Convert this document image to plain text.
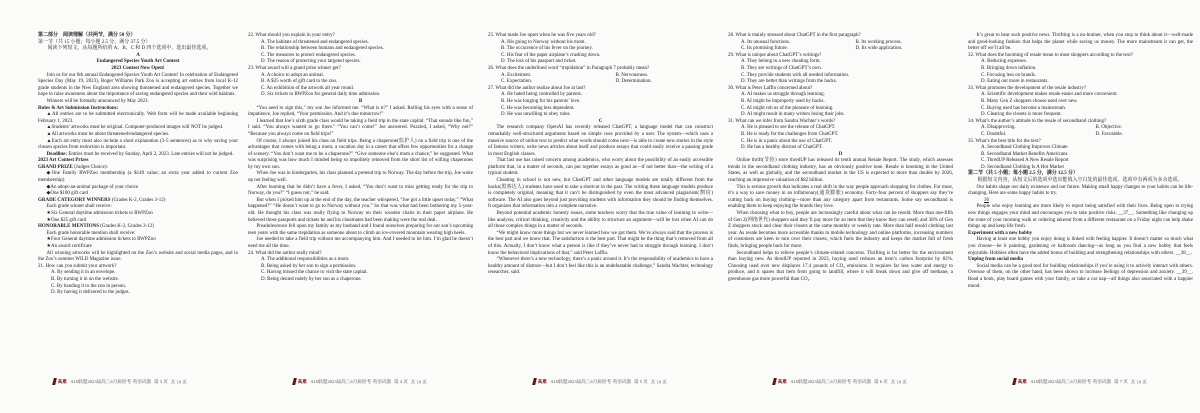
第二部分　阅读理解（共两节，满分 50 分）
第一节（共 15 小题；每小题 2.5 分，满分 37.5 分）
阅读下列短文，从每题所给的 A、B、C 和 D 四个选项中，选出最佳选项。
A
Endangered Species Youth Art Contest
2023 Contest Now Open!
Join us for our 6th annual Endangered Species Youth Art Contest! In celebration of Endangered Species Day (May 19, 2023), Roger Williams Park Zoo is accepting art entries from local K-12 grade students in the New England area showing threatened and endangered species. Together we hope to raise awareness about the importance of saving endangered species and their wild habitats.
Winners will be formally announced by May 2023.
Rules & Art Submission Instructions:
▲All entries are to be submitted electronically. Web form will be made available beginning February 1, 2023.
▲Students’ artworks must be original. Computer-produced images will NOT be judged.
▲All artworks must be about threatened/endangered species.
▲Each art entry must also include a short explanation (3-5 sentences) as to why saving your chosen species from extinction is important.
Deadline: Entries must be received by Sunday, April 2, 2023. Late entries will not be judged.
2023 Art Contest Prizes
GRAND PRIZE (Judges Choice):
◆One Family RWPZoo membership (a $149 value; an extra year added to current Zoo membership)
◆An adopt-an-animal package of your choice
◆One $100 gift card
GRADE CATEGORY WINNERS (Grades K-2, Grades 3-12)
Each grade winner shall receive:
★Six General daytime admission tickets to RWPZoo
★One $25 gift card
HONORABLE MENTIONS (Grades K-2, Grades 3-12)
Each grade honorable mention shall receive:
★Four General daytime admission tickets to RWPZoo
★An award certificate
All winning artworks will be highlighted on the Zoo’s website and social media pages, and in the Zoo’s summer WILD Magazine issue.
21. How can you submit your artwork?
A. By sending it in an envelope.
B. By turning it in on the website.
C. By handing it to the zoo in person.
D. By having it delivered to the judges.
高惠 ·A10联盟2023届高三4月质检考·英语试题 第 3 页 共 10 页
22. What should you explain in your entry?
A. The habitats of threatened and endangered species.
B. The relationship between humans and endangered species.
C. The measures to protect endangered species.
D. The reason of protecting your targeted species.
23. What award will a grand prize winner get?
A. A choice to adopt an animal.
B. A $25 worth of gift card to the zoo.
C. An exhibition of the artwork all year round.
D. Six tickets to RWPZoo for general daily time admission.
B
“You need to sign this,” my son Joe informed me. “What is it?” I asked. Rolling his eyes with a sense of impatience, Joe replied, “Your permission. And it’s due tomorrow!”
I learned that Joe’s sixth grade class would be taking a field trip to the state capital. “That sounds like fun,” I said. “You always wanted to go there.” “You can’t come!” Joe answered. Puzzled, I asked, “Why not?” “Because you always come on field trips!”
Of course, I always joined his class on field trips. Being a chaperone(监护人) on a field trip is one of the advantages that comes with being a mom, a vacation day in a career that offers few opportunities for a change of scenery. “You don’t want me to be a chaperone?” “Give someone else’s mom a chance,” he suggested. What was surprising was how much I minded being so impolitely removed from the short list of willing chaperones by my own son.
When Joe was in kindergarten, his class planned a pretend trip to Norway. The day before the trip, Joe woke up not feeling well.
After learning that he didn’t have a fever, I asked, “You don’t want to miss getting ready for the trip to Norway, do you?” “I guess not,” he said.
But when I picked him up at the end of the day, the teacher whispered, “Joe got a little upset today.” “What happened?” “He doesn’t want to go to Norway without you.” So that was what had been bothering my 5-year-old. He thought his class was really flying to Norway on their wooden chairs in their paper airplane. He believed those passports and tickets he and his classmates had been making were the real deal.
Preadolescence fell upon my family as my husband and I found ourselves preparing for our son’s upcoming teen years with the same trepidation as someone about to climb an ice-covered mountain wearing high heels.
Joe needed to take a field trip without me accompanying him. And I needed to let him. I’m glad he doesn’t need me all the time.
24. What did the author really mind?
A. The additional responsibilities as a mom.
B. Being asked by her son to sign a permission.
C. Having missed the chance to visit the state capital.
D. Being denied rudely by her son as a chaperone.
高惠 ·A10联盟2023届高三4月质检考·英语试题 第 4 页 共 10 页
25. What made Joe upset when he was five years old?
A. His going to Norway without his mom.
B. The occurrence of his fever on the journey.
C. His fear of the paper airplane’s crashing down.
D. The loss of his passport and ticket.
26. What does the underlined word “trepidation” in Paragraph 7 probably mean?
A. Excitement.	B. Nervousness.
C. Expectation.	D. Determination.
27. What did the author realize about Joe at last?
A. He hated being controlled by parents.
B. He was longing for his parents’ love.
C. He was becoming less dependent.
D. He was unwilling to obey rules.
C
The research company OpenAI has recently released ChatGPT, a language model that can construct remarkably well-structured arguments based on simple cues provided by a user. The system—which uses a massive source of online text to predict what words should come next—is able to create new stories in the style of famous writers, write news articles about itself and produce essays that could easily receive a passing grade in most English classes.
That last use has raised concern among academics, who worry about the possibility of an easily accessible platform that, in a matter of seconds, can put together essays as good as—if not better than—the writing of a typical student.
Cheating in school is not new, but ChatGPT and other language models are totally different from the hacks(黑客达人) students have used to take a shortcut in the past. The writing these language models produce is completely original, meaning that it can’t be distinguished by even the most advanced plagiarism(剽窃) software. The AI also goes beyond just providing students with information they should be finding themselves. It organizes that information into a complete narrative.
Beyond potential academic honesty issues, some teachers worry that the true value of learning to write—like analysis, critical thinking, creativity and the ability to structure an argument—will be lost when AI can do all those complex things in a matter of seconds.
“We might know more things but we never learned how we got them. We’re always said that the process is the best part and we know that. The satisfaction is the best part. That might be the thing that’s removed from all of this. Actually, I don’t know what a person is like if they’ve never had to struggle through learning. I don’t know the behavioral implications of that,” said Peter Laffin.
“Whenever there’s a new technology, there’s a panic around it. It’s the responsibility of academics to have a healthy amount of distrust—but I don’t feel like this is an undefeatable challenge,” Sandra Wachter, technology researcher, said.
高惠 ·A10联盟2023届高三4月质检考·英语试题 第 5 页 共 10 页
28. What is mainly stressed about ChatGPT in the first paragraph?
A. Its unusual functions.	B. Its working process.
C. Its promising future.	D. Its wide application.
29. What is unique about ChatGPT’s writings?
A. They belong to a new cheating form.
B. They are writings of ChatGPT’s own.
C. They provide students with all needed information.
D. They are better than writings from the hacks.
30. What is Peter Laffin concerned about?
A. AI makes us struggle through learning.
B. AI might be improperly used by hacks.
C. AI might rob us of the pleasure of learning.
D. AI might result in many writers losing their jobs.
31. What can we infer from Sandra Wachter’s words?
A. He is pleased to see the release of ChatGPT.
B. He is ready for the challenges from ChatGPT.
C. He is in a panic about the use of ChatGPT.
D. He has a healthy distrust of ChatGPT.
D
Online thrift(节俭) store thredUP has released its tenth annual Resale Report. The study, which assesses trends in the secondhand clothing industry, has an obviously positive tone. Resale is booming in the United States, as well as globally, and the secondhand market in the US is expected to more than double by 2026, reaching an impressive valuation of $82 billion.
This is serious growth that indicates a real shift in the way people approach shopping for clothes. For most, it’s a way to save money in an inflationary(通货膨胀) economy. Forty-four percent of shoppers say they’re cutting back on buying clothing—more than any category apart from restaurants. Some say secondhand is enabling them to keep enjoying the brands they love.
When choosing what to buy, people are increasingly careful about what can be resold. More than one-fifth of Gen Z(网络世代) shoppers said they’ll pay more for an item that they know they can resell, and 38% of Gen Z shoppers stock and clear their closets at the same monthly or weekly rate. More than half resold clothing last year. As resale becomes more accessible thanks to mobile technology and online platforms, increasing numbers of customers are keen to turn over their closets, which fuels the industry and keeps the market full of fresh finds, bringing people back for more.
Secondhand helps to relieve people’s climate-related concerns. Thrifting is far better for the environment than buying new. As thredUP reported in 2023, buying used reduces an item’s carbon footprint by 82%. Choosing used over new displaces 17.4 pounds of CO₂ emissions. It requires far less water and energy to produce, and it spares that item from going to landfill, where it will break down and give off methane, a greenhouse gas more powerful than CO₂.
高惠 ·A10联盟2023届高三4月质检考·英语试题 第 6 页 共 10 页
It’s great to hear such positive news. Thrifting is a no-brainer, when you stop to think about it—well-made and good-looking fashion that helps the planet while saving us money. The more mainstream it can get, the better off we’ll all be.
32. What does the booming of resale mean to most shoppers according to the text?
A. Reducing expenses.
B. Bringing down inflation.
C. Focusing less on brands.
D. Eating out more in restaurants.
33. What promotes the development of the resale industry?
A. Scientific development makes resale easier and more convenient.
B. Many Gen Z shoppers choose used over new.
C. Buying used has become a mainstream.
D. Clearing the closets is more frequent.
34. What’s the author’s attitude to the resale of secondhand clothing?
A. Disapproving.	B. Objective.
C. Doubtful.	D. Favorable.
35. What’s the best title for the text?
A. Secondhand Clothing Improves Climate
B. Secondhand Market Benefits Americans
C. ThredUP Released A New Resale Report
D. Secondhand Clothing Is A Hot Market
第二节（共 5 小题；每小题 2.5 分，满分 12.5 分）
根据短文内容，从短文后的选项中选出能填入空白处的最佳选项。选项中有两项为多余选项。
Our habits shape our daily existence and our future. Making small happy changes to your habits can be life-changing. Here are some happy habits to try.
36
People who enjoy learning are more likely to report being satisfied with their lives. Being open to trying new things engages your mind and encourages you to take positive risks. __37__. Something like changing up the route of your morning walk or ordering takeout from a different restaurant on a Friday night can help shake things up and keep life fresh.
Experiment with a new hobby
Having at least one hobby you enjoy doing is linked with feeling happier. It doesn’t matter so much what you choose—be it painting, gardening or ballroom dancing—as long as you find a new hobby that feels enjoyable. Hobbies often have the added bonus of building and strengthening relationships with others. __38__.
Unplug from social media
Social media can be a good tool for building relationships if you’re using it to actively interact with others. Overuse of them, on the other hand, has been shown to increase feelings of depression and anxiety. __39__. Read a book, play board games with your family, or take a car nap—all things also associated with a happier mood.
高惠 ·A10联盟2023届高三4月质检考·英语试题 第 7 页 共 10 页
